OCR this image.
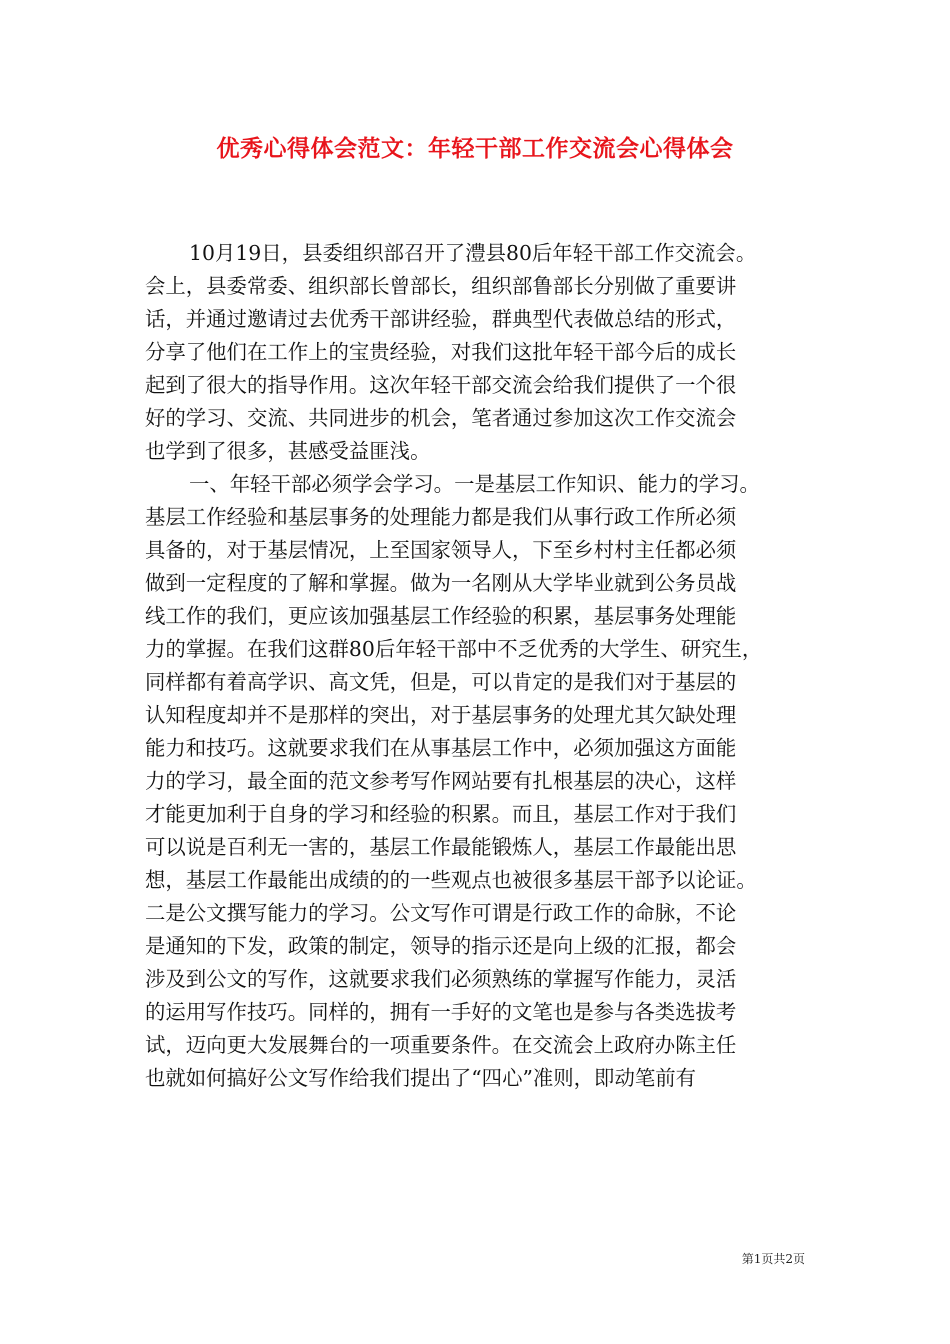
优秀心得体会范文：年轻干部工作交流会心得体会
10月19日，县委组织部召开了澧县80后年轻干部工作交流会。
会上，县委常委、组织部长曾部长，组织部鲁部长分别做了重要讲
话，并通过邀请过去优秀干部讲经验，群典型代表做总结的形式，
分享了他们在工作上的宝贵经验，对我们这批年轻干部今后的成长
起到了很大的指导作用。这次年轻干部交流会给我们提供了一个很
好的学习、交流、共同进步的机会，笔者通过参加这次工作交流会
也学到了很多，甚感受益匪浅。
一、年轻干部必须学会学习。一是基层工作知识、能力的学习。
基层工作经验和基层事务的处理能力都是我们从事行政工作所必须
具备的，对于基层情况，上至国家领导人，下至乡村村主任都必须
做到一定程度的了解和掌握。做为一名刚从大学毕业就到公务员战
线工作的我们，更应该加强基层工作经验的积累，基层事务处理能
力的掌握。在我们这群80后年轻干部中不乏优秀的大学生、研究生，
同样都有着高学识、高文凭，但是，可以肯定的是我们对于基层的
认知程度却并不是那样的突出，对于基层事务的处理尤其欠缺处理
能力和技巧。这就要求我们在从事基层工作中，必须加强这方面能
力的学习，最全面的范文参考写作网站要有扎根基层的决心，这样
才能更加利于自身的学习和经验的积累。而且，基层工作对于我们
可以说是百利无一害的，基层工作最能锻炼人，基层工作最能出思
想，基层工作最能出成绩的的一些观点也被很多基层干部予以论证。
二是公文撰写能力的学习。公文写作可谓是行政工作的命脉，不论
是通知的下发，政策的制定，领导的指示还是向上级的汇报，都会
涉及到公文的写作，这就要求我们必须熟练的掌握写作能力，灵活
的运用写作技巧。同样的，拥有一手好的文笔也是参与各类选拔考
试，迈向更大发展舞台的一项重要条件。在交流会上政府办陈主任
也就如何搞好公文写作给我们提出了“四心”准则，即动笔前有
第1页共2页
